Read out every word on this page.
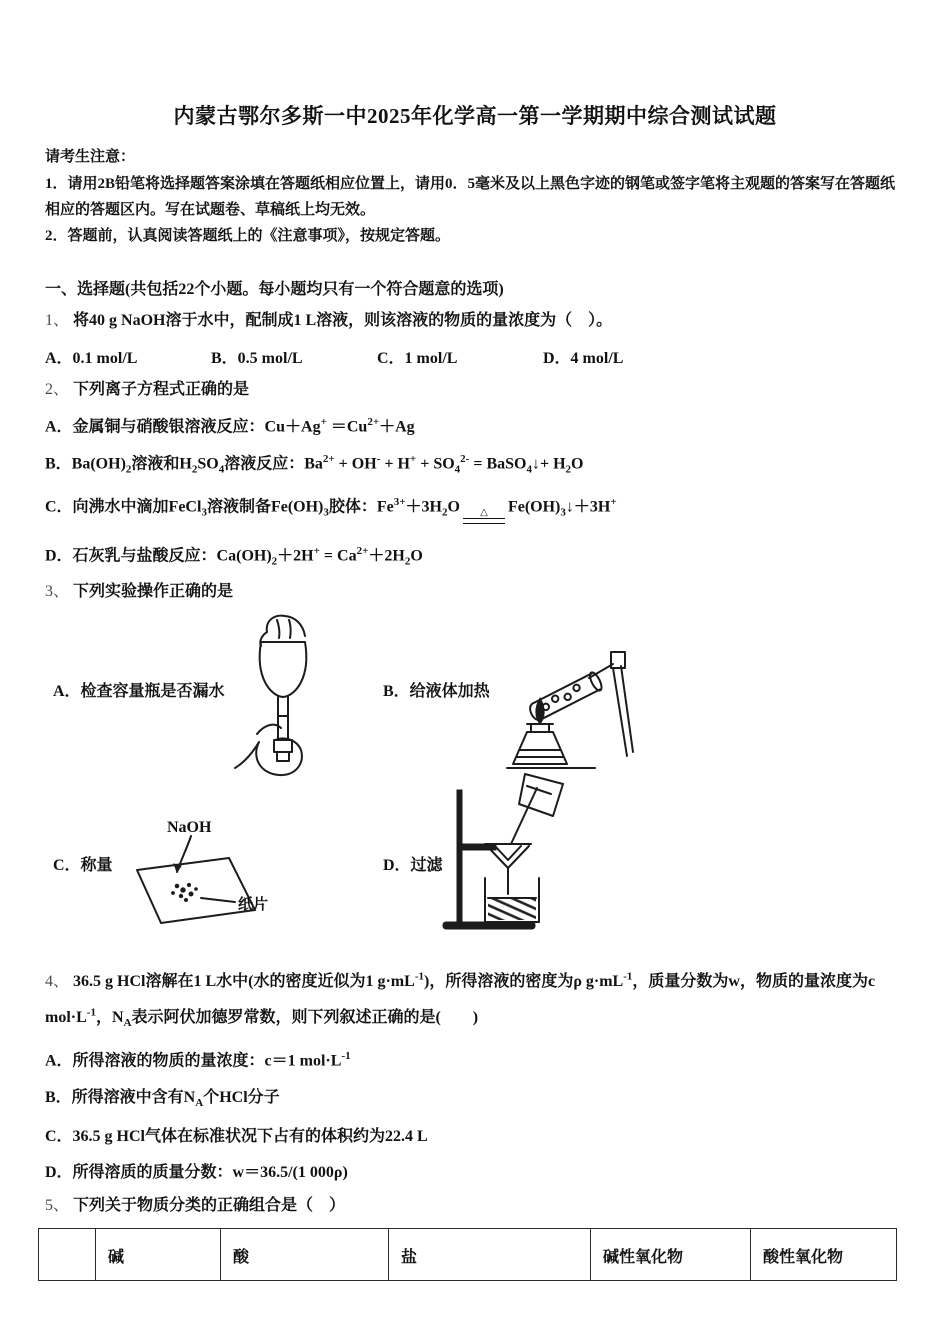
内蒙古鄂尔多斯一中2025年化学高一第一学期期中综合测试试题

请考生注意：

1．请用2B铅笔将选择题答案涂填在答题纸相应位置上，请用0．5毫米及以上黑色字迹的钢笔或签字笔将主观题的答案写在答题纸相应的答题区内。写在试题卷、草稿纸上均无效。

2．答题前，认真阅读答题纸上的《注意事项》，按规定答题。

一、选择题(共包括22个小题。每小题均只有一个符合题意的选项)

1、 将40 g NaOH溶于水中，配制成1 L溶液，则该溶液的物质的量浓度为（　）。

A．0.1 mol/L	B．0.5 mol/L	C．1 mol/L	D．4 mol/L

2、 下列离子方程式正确的是

A．金属铜与硝酸银溶液反应：$Cu+Ag^+ =Cu^{2+}+Ag$

B．$Ba(OH)_2$溶液和$H_2SO_4$溶液反应：$Ba^{2+} + OH^- + H^+ + SO_4^{2-}$ = BaSO$_4$↓+ $H_2O$

C．向沸水中滴加FeCl$_3$溶液制备$Fe(OH)_3$胶体：$Fe^{3+}+3H_2O$ △ $Fe(OH)_3↓+3H^+$

D．石灰乳与盐酸反应：$Ca(OH)_2+2H^+ = Ca^{2+}+2H_2O$

3、 下列实验操作正确的是

A．检查容量瓶是否漏水	B．给液体加热
C．称量	D．过滤
NaOH
纸片

4、 36.5 g HCl溶解在1 L水中(水的密度近似为1 $g\cdot mL^{-1}$)，所得溶液的密度为ρ $g\cdot mL^{-1}$，质量分数为w，物质的量浓度为c $mol\cdot L^{-1}$，$N_A$表示阿伏加德罗常数，则下列叙述正确的是(　　)

A．所得溶液的物质的量浓度：c＝1 $mol\cdot L^{-1}$

B．所得溶液中含有$N_A$个HCl分子

C．36.5 g HCl气体在标准状况下占有的体积约为22.4 L

D．所得溶质的质量分数：w＝36.5/(1 000ρ)

5、 下列关于物质分类的正确组合是（　）

	碱	酸	盐	碱性氧化物	酸性氧化物
